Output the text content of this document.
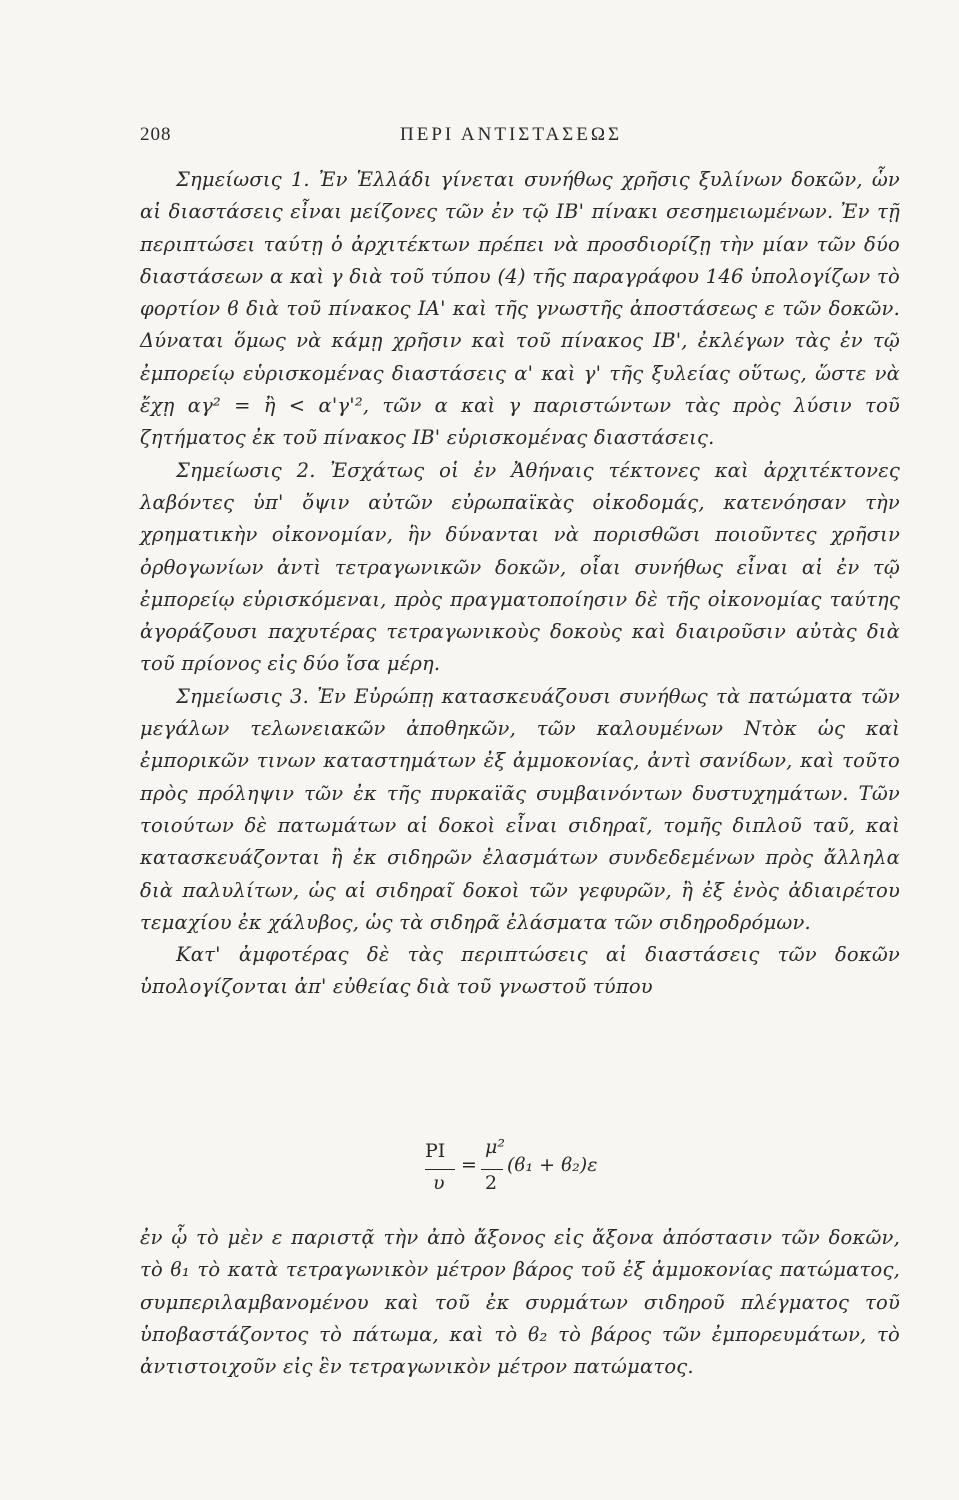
208	ΠΕΡΙ ΑΝΤΙΣΤΑΣΕΩΣ

Σημείωσις 1. Ἐν Ἑλλάδι γίνεται συνήθως χρῆσις ξυλίνων δοκῶν, ὧν αἱ διαστάσεις εἶναι μείζονες τῶν ἐν τῷ ΙΒ' πίνακι σεσημειωμένων. Ἐν τῇ περιπτώσει ταύτῃ ὁ ἀρχιτέκτων πρέπει νὰ προσδιορίζῃ τὴν μίαν τῶν δύο διαστάσεων α καὶ γ διὰ τοῦ τύπου (4) τῆς παραγράφου 146 ὑπολογίζων τὸ φορτίον ϐ διὰ τοῦ πίνακος ΙΑ' καὶ τῆς γνωστῆς ἀποστάσεως ε τῶν δοκῶν. Δύναται ὅμως νὰ κάμῃ χρῆσιν καὶ τοῦ πίνακος ΙΒ', ἐκλέγων τὰς ἐν τῷ ἐμπορείῳ εὑρισκομένας διαστάσεις α' καὶ γ' τῆς ξυλείας οὕτως, ὥστε νὰ ἔχῃ αγ² = ἢ < α'γ'², τῶν α καὶ γ παριστώντων τὰς πρὸς λύσιν τοῦ ζητήματος ἐκ τοῦ πίνακος ΙΒ' εὑρισκομένας διαστάσεις.

Σημείωσις 2. Ἐσχάτως οἱ ἐν Ἀθήναις τέκτονες καὶ ἀρχιτέκτονες λαβόντες ὑπ' ὄψιν αὐτῶν εὐρωπαϊκὰς οἰκοδομάς, κατενόησαν τὴν χρηματικὴν οἰκονομίαν, ἣν δύνανται νὰ πορισθῶσι ποιοῦντες χρῆσιν ὀρθογωνίων ἀντὶ τετραγωνικῶν δοκῶν, οἷαι συνήθως εἶναι αἱ ἐν τῷ ἐμπορείῳ εὑρισκόμεναι, πρὸς πραγματοποίησιν δὲ τῆς οἰκονομίας ταύτης ἀγοράζουσι παχυτέρας τετραγωνικοὺς δοκοὺς καὶ διαιροῦσιν αὐτὰς διὰ τοῦ πρίονος εἰς δύο ἴσα μέρη.

Σημείωσις 3. Ἐν Εὐρώπῃ κατασκευάζουσι συνήθως τὰ πατώματα τῶν μεγάλων τελωνειακῶν ἀποθηκῶν, τῶν καλουμένων Ντὸκ ὡς καὶ ἐμπορικῶν τινων καταστημάτων ἐξ ἀμμοκονίας, ἀντὶ σανίδων, καὶ τοῦτο πρὸς πρόληψιν τῶν ἐκ τῆς πυρκαϊᾶς συμβαινόντων δυστυχημάτων. Τῶν τοιούτων δὲ πατωμάτων αἱ δοκοὶ εἶναι σιδηραῖ, τομῆς διπλοῦ ταῦ, καὶ κατασκευάζονται ἢ ἐκ σιδηρῶν ἐλασμάτων συνδεδεμένων πρὸς ἄλληλα διὰ παλυλίτων, ὡς αἱ σιδηραῖ δοκοὶ τῶν γεφυρῶν, ἢ ἐξ ἑνὸς ἀδιαιρέτου τεμαχίου ἐκ χάλυβος, ὡς τὰ σιδηρᾶ ἐλάσματα τῶν σιδηροδρόμων.

Κατ' ἀμφοτέρας δὲ τὰς περιπτώσεις αἱ διαστάσεις τῶν δοκῶν ὑπολογίζονται ἀπ' εὐθείας διὰ τοῦ γνωστοῦ τύπου

ΡΙ
υ
=
μ²
2
(ϐ₁ + ϐ₂)ε

ἐν ᾧ τὸ μὲν ε παριστᾷ τὴν ἀπὸ ἄξονος εἰς ἄξονα ἀπόστασιν τῶν δοκῶν, τὸ ϐ₁ τὸ κατὰ τετραγωνικὸν μέτρον βάρος τοῦ ἐξ ἀμμοκονίας πατώματος, συμπεριλαμβανομένου καὶ τοῦ ἐκ συρμάτων σιδηροῦ πλέγματος τοῦ ὑποβαστάζοντος τὸ πάτωμα, καὶ τὸ ϐ₂ τὸ βάρος τῶν ἐμπορευμάτων, τὸ ἀντιστοιχοῦν εἰς ἓν τετραγωνικὸν μέτρον πατώματος.
